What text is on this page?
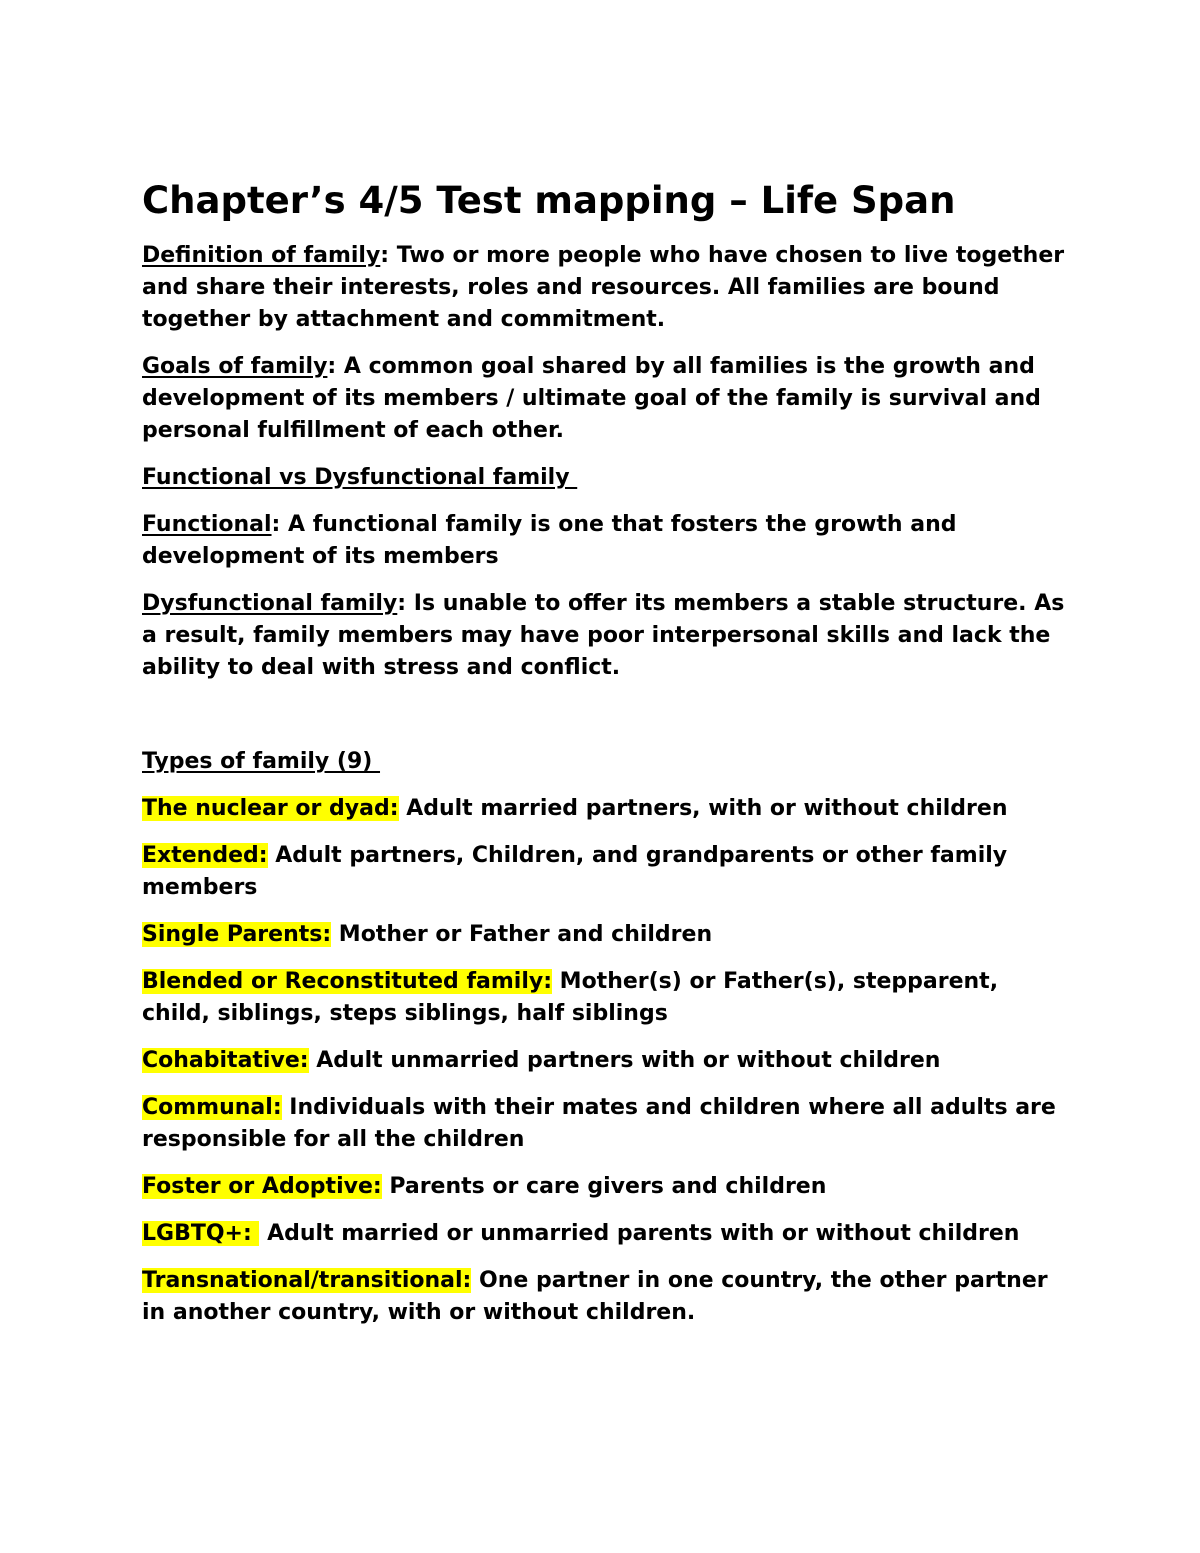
Chapter’s 4/5 Test mapping – Life Span

Definition of family: Two or more people who have chosen to live together and share their interests, roles and resources. All families are bound together by attachment and commitment.

Goals of family: A common goal shared by all families is the growth and development of its members / ultimate goal of the family is survival and personal fulfillment of each other.

Functional vs Dysfunctional family

Functional: A functional family is one that fosters the growth and development of its members

Dysfunctional family: Is unable to offer its members a stable structure. As a result, family members may have poor interpersonal skills and lack the ability to deal with stress and conflict.

Types of family (9)

The nuclear or dyad: Adult married partners, with or without children

Extended: Adult partners, Children, and grandparents or other family members

Single Parents: Mother or Father and children

Blended or Reconstituted family: Mother(s) or Father(s), stepparent, child, siblings, steps siblings, half siblings

Cohabitative: Adult unmarried partners with or without children

Communal: Individuals with their mates and children where all adults are responsible for all the children

Foster or Adoptive: Parents or care givers and children

LGBTQ+:  Adult married or unmarried parents with or without children

Transnational/transitional: One partner in one country, the other partner in another country, with or without children.
